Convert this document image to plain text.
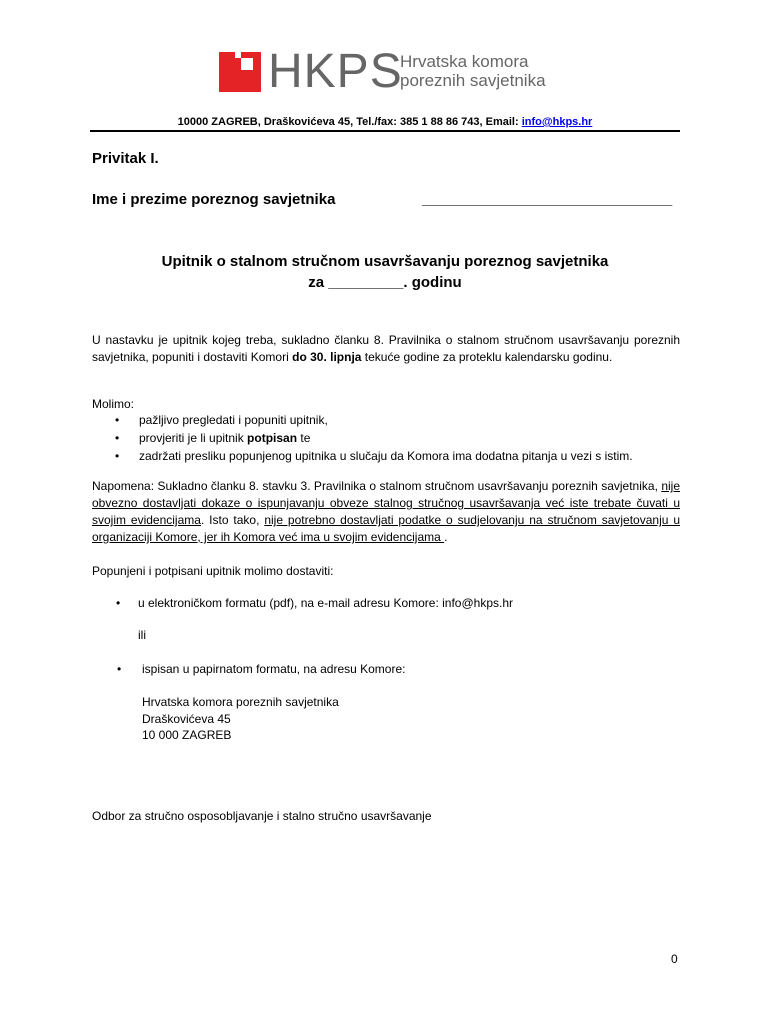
HKPS
Hrvatska komora
poreznih savjetnika
10000 ZAGREB, Draškovićeva 45, Tel./fax: 385 1 88 86 743, Email: info@hkps.hr
Privitak I.
Ime i prezime poreznog savjetnika	______________________________
Upitnik o stalnom stručnom usavršavanju poreznog savjetnika
za _________. godinu
U nastavku je upitnik kojeg treba, sukladno članku 8. Pravilnika o stalnom stručnom usavršavanju poreznih savjetnika, popuniti i dostaviti Komori do 30. lipnja tekuće godine za proteklu kalendarsku godinu.
Molimo:
• pažljivo pregledati i popuniti upitnik,
• provjeriti je li upitnik potpisan te
• zadržati presliku popunjenog upitnika u slučaju da Komora ima dodatna pitanja u vezi s istim.
Napomena: Sukladno članku 8. stavku 3. Pravilnika o stalnom stručnom usavršavanju poreznih savjetnika, nije obvezno dostavljati dokaze o ispunjavanju obveze stalnog stručnog usavršavanja već iste trebate čuvati u svojim evidencijama. Isto tako, nije potrebno dostavljati podatke o sudjelovanju na stručnom savjetovanju u organizaciji Komore, jer ih Komora već ima u svojim evidencijama .
Popunjeni i potpisani upitnik molimo dostaviti:
• u elektroničkom formatu (pdf), na e-mail adresu Komore: info@hkps.hr
ili
• ispisan u papirnatom formatu, na adresu Komore:
Hrvatska komora poreznih savjetnika
Draškovićeva 45
10 000 ZAGREB
Odbor za stručno osposobljavanje i stalno stručno usavršavanje
0
